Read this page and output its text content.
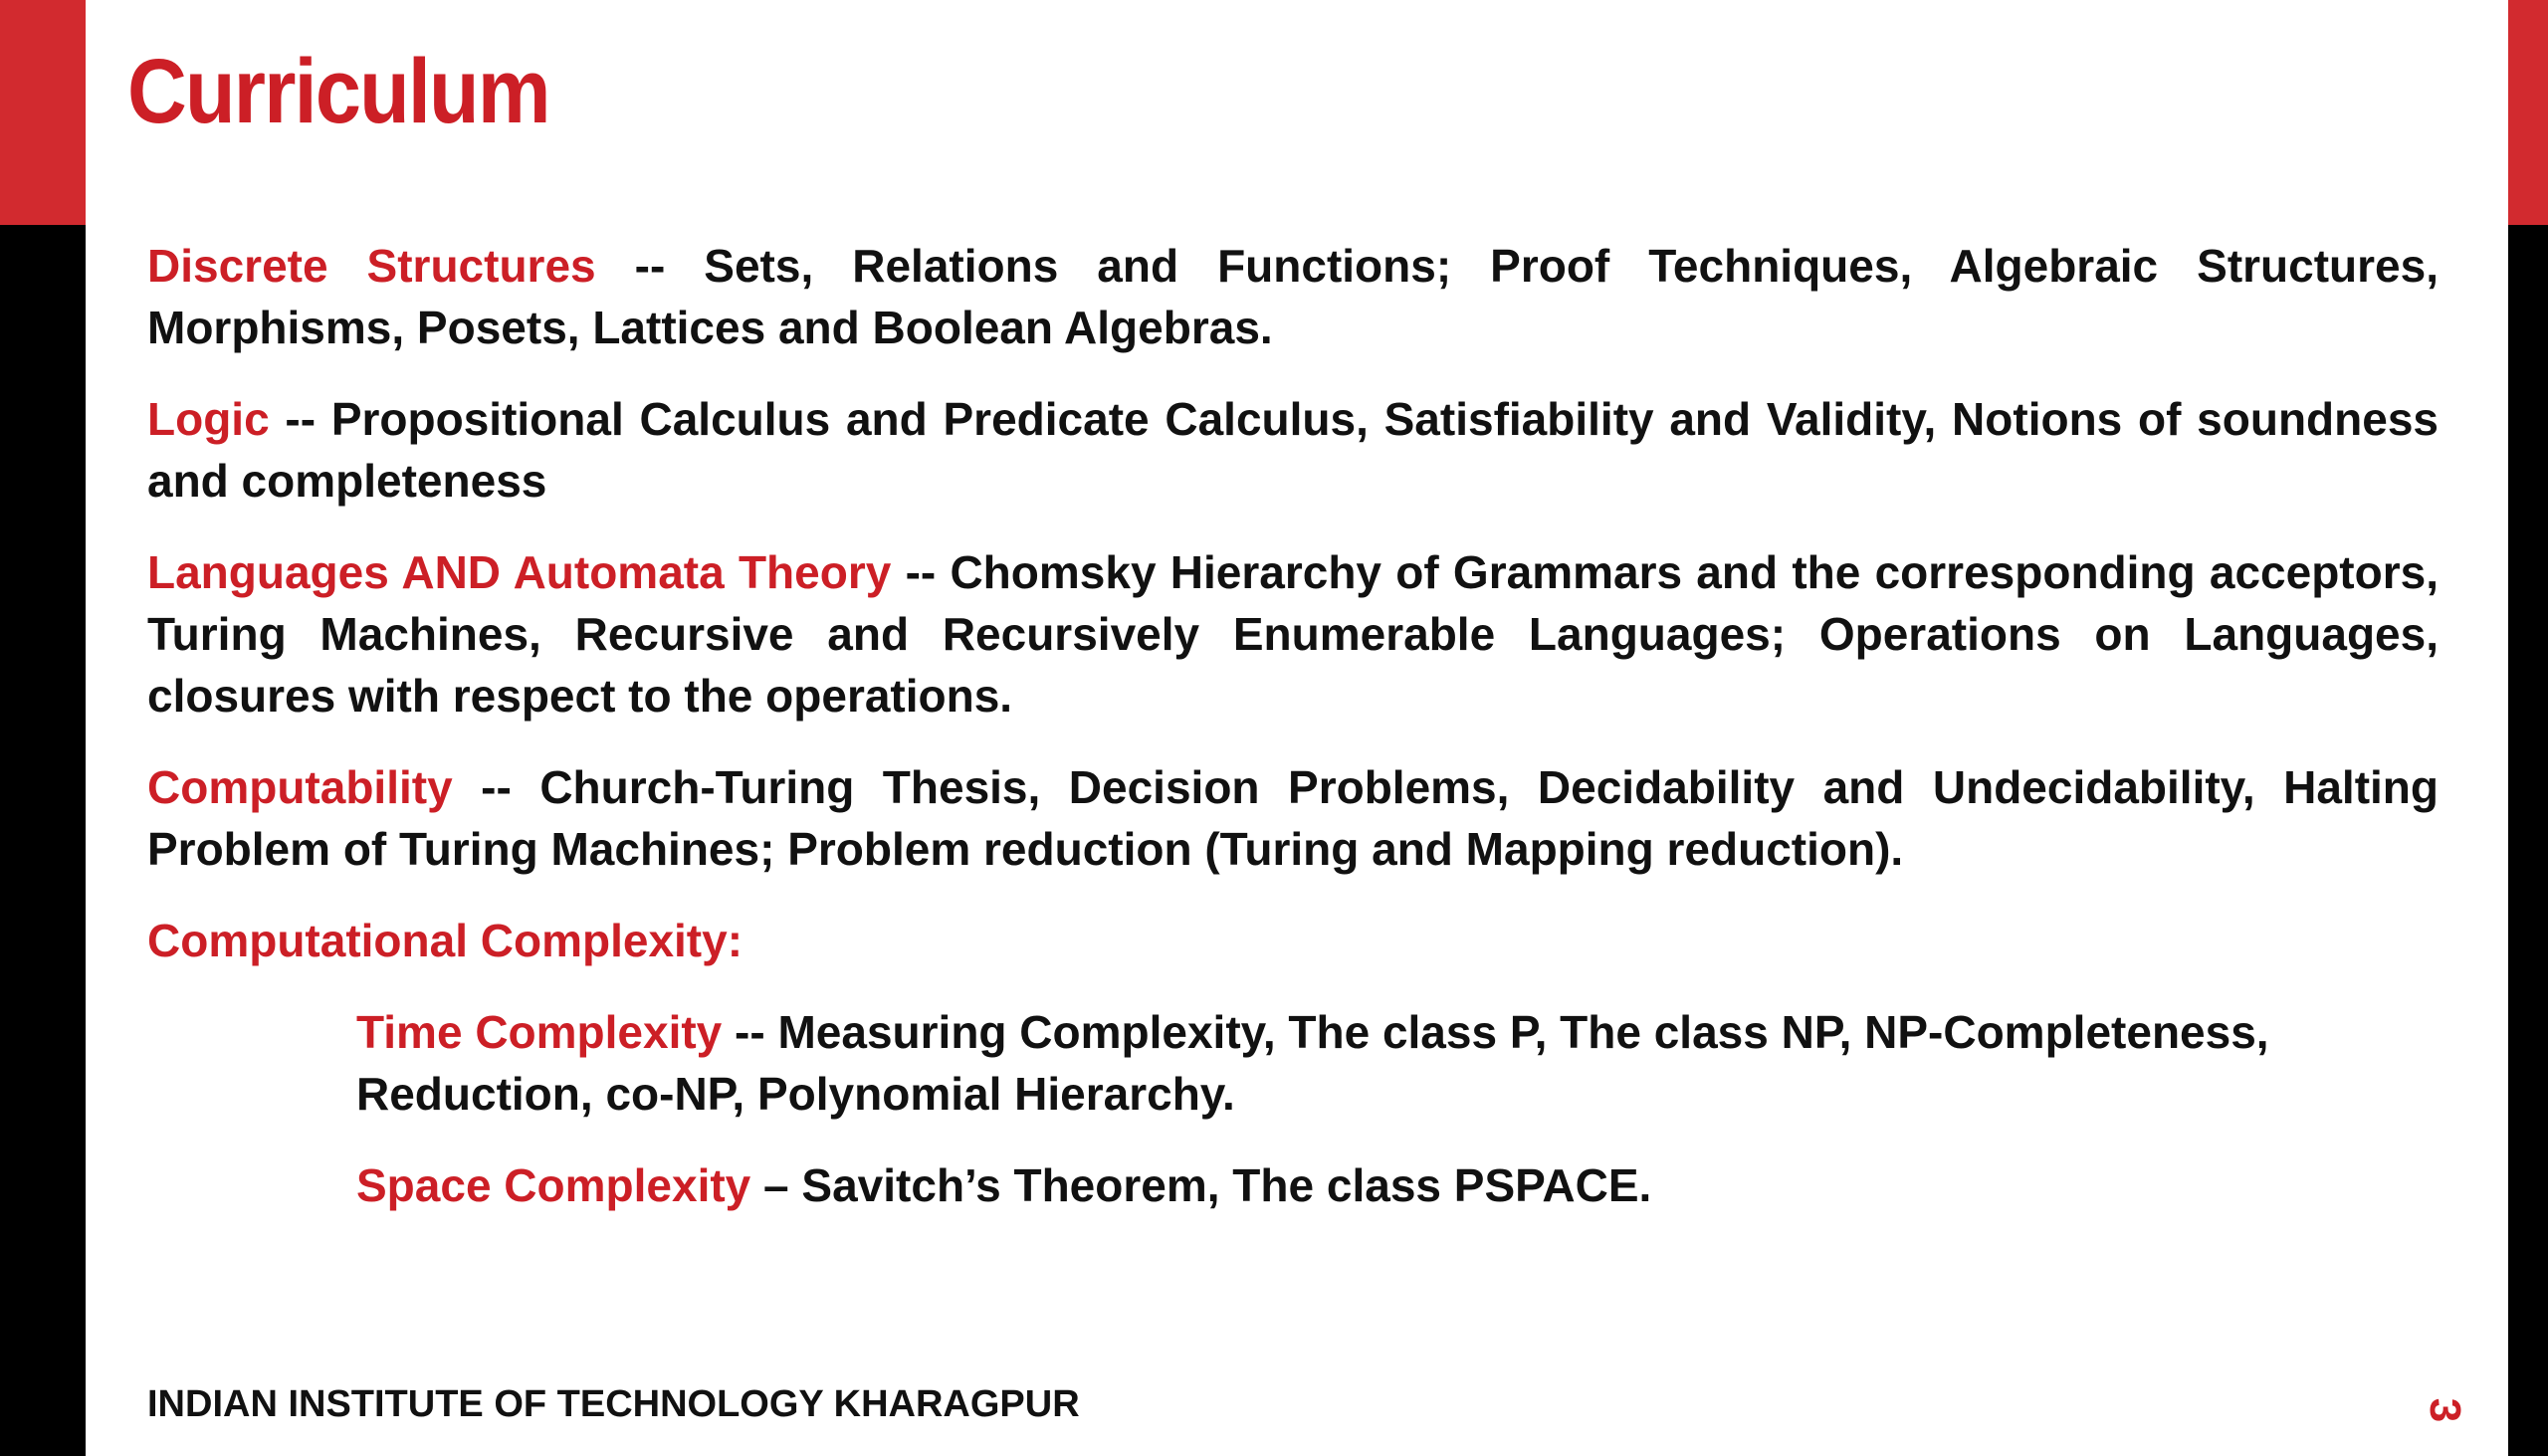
Curriculum

Discrete Structures -- Sets, Relations and Functions; Proof Techniques, Algebraic Structures, Morphisms, Posets, Lattices and Boolean Algebras.

Logic -- Propositional Calculus and Predicate Calculus, Satisfiability and Validity, Notions of soundness and completeness

Languages AND Automata Theory -- Chomsky Hierarchy of Grammars and the corresponding acceptors, Turing Machines, Recursive and Recursively Enumerable Languages; Operations on Languages, closures with respect to the operations.

Computability -- Church-Turing Thesis, Decision Problems, Decidability and Undecidability, Halting Problem of Turing Machines; Problem reduction (Turing and Mapping reduction).

Computational Complexity:

Time Complexity -- Measuring Complexity, The class P, The class NP, NP-Completeness, Reduction, co-NP, Polynomial Hierarchy.

Space Complexity – Savitch’s Theorem, The class PSPACE.

INDIAN INSTITUTE OF TECHNOLOGY KHARAGPUR	3
